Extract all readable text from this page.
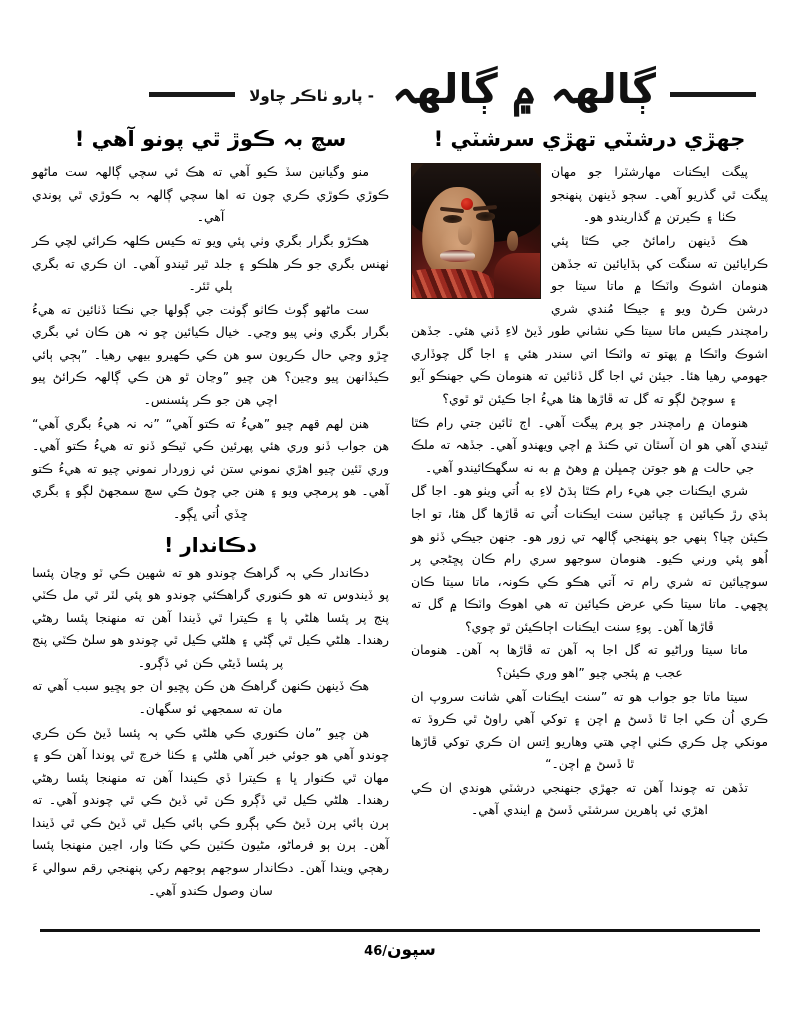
ڳالهہ ۾ ڳالهہ
- پارو ٺاڪر چاولا
جهڙي درشٽي تهڙي سرشٽي !

پيگت ايڪنات مهارشٽرا جو مهان پيگت ٿي گذريو آهي۔ سڄو ڏينهن پنهنجو ڪٺا ۽ ڪيرتن ۾ گذاريندو هو۔

هڪ ڏينهن رامائڻ جي ڪٿا پئي ڪرايائين ته سنگت کي ٻڌايائين ته جڏهن هنومان اشوڪ واٽڪا ۾ ماتا سيتا جو درشن ڪرڻ ويو ۽ جيڪا مُندي شري رامچندر ڪيس ماتا سيتا ڪي نشاني طور ڏيڻ لاءِ ڏني هئي۔ جڏهن اشوڪ واٽڪا ۾ پهتو ته واٽڪا اتي سندر هئي ۽ اجا گل چوڏاري جهومي رهيا هئا۔ جيئن ئي اجا گل ڏٺائين ته هنومان ڪي جهنڪو آيو ۽ سوچڻ لڳو ته گل ته ڦاڙها هئا هيءُ اجا ڪيئن ٿو ٿوي؟

هنومان ۾ رامچندر جو پرم پيگت آهي۔ اڄ ٽائين جتي رام ڪٿا ٿيندي آهي هو ان آسٿان تي ڪنڌ ۾ اچي ويهندو آهي۔ جڏهہ ته ملڪ جي حالت ۾ هو جوتن چمڀلن ۾ وهڻ ۾ به نه سگهڪائيندو آهي۔

شري ايڪنات جي هيء رام ڪٿا ٻڌڻ لاءِ به اُتي ويٺو هو۔ اجا گل ٻڌي رڙ ڪيائين ۽ چيائين سنت ايڪنات اُتي ته ڦاڙها گل هئا، تو اجا ڪيئن چيا؟ ٻنهي جو پنهنجي ڳالهہ تي زور هو۔ جنهن جيڪي ڏٺو هو اُهو پئي ورني ڪيو۔ هنومان سوجهو سري رام ڪان پڇڻجي پر سوچيائين ته شري رام تہ آتي هڪو ڪي ڪونہ، ماتا سيتا ڪان پڇهي۔ ماتا سيتا ڪي عرض ڪيائين ته هي اهوڪ واٽڪا ۾ گل ته ڦاڙها آهن۔ پوءِ سنت ايڪنات اڄاڪيئن ٿو چوي؟

ماتا سيتا وراڻيو ته گل اجا ٻہ آهن ته ڦاڙها ٻہ آهن۔ هنومان عجب ۾ پئجي چيو ”اهو وري ڪيئن؟

سيتا ماتا جو جواب هو ته ”سنت ايڪنات آهي شانت سروپ ان ڪري اُن ڪي اجا ٿا ڏسڻ ۾ اچن ۽ توکي آهي راوڻ ٿي ڪروڌ ته مونکي چل ڪري ڪٺي اچي هتي وهاريو اِتس ان ڪري توکي ڦاڙها ٿا ڏسڻ ۾ اچن۔“

تڏهن ته چوندا آهن ته جهڙي جنهنجي درشٽي هوندي ان ڪي اهڙي ئي ٻاهرين سرشٽي ڏسڻ ۾ ايندي آهي۔

سچ بہ ڪوڙ ٿي پونو آهي !

منو وگيانين سڏ ڪيو آهي ته هڪ ئي سچي ڳالهہ ست ماڻهو ڪوڙي ڪوڙي ڪري چون ته اها سچي ڳالهہ بہ ڪوڙي ٿي پوندي آهي۔

هڪڙو بگرار بگري وٺي پئي ويو ته ڪيس ڪلهہ ڪرائي لچي ڪر ٺهنس بگري جو ڪر هلڪو ۽ جلد ٿير ٿيندو آهي۔ ان ڪري ته بگري ٻلي ٿئر۔

ست ماڻهو ڳوٺ ڪاٺو ڳوٺت جي ڳولها جي نڪتا ڏٺائين ته هيءُ بگرار بگري وٺي پيو وڃي۔ خيال ڪيائين چو نہ هن ڪان ئي بگري ڇڙو وڃي حال ڪريون سو هن ڪي ڪهيرو بيهي رهيا۔ ”ٻڄي ٻائي ڪيڏانهن پيو وڃين؟ هن چيو ”وڃان ٿو هن ڪي ڳالهہ ڪرائڻ پيو اچي هن جو ڪر پئسنس۔

هنن لهم قهم چيو ”هيءُ ته ڪتو آهي“ ”نہ نہ هيءُ بگري آهي“ هن جواب ڏنو وري هئي پهرئين ڪي ٽيڪو ڏنو ته هيءُ ڪتو آهي۔ وري ٽئين چيو اهڙي نموني ستن ئي زوردار نموني چيو ته هيءُ ڪتو آهي۔ هو پرمڄي ويو ۽ هنن جي چوڻ ڪي سچ سمجهڻ لڳو ۽ بگري ڇڏي اُتي ڀڳو۔

دڪاندار !

دڪاندار ڪي ٻہ گراهڪ چوندو هو ته شهين ڪي ٽو وڃان پئسا پو ڏيندوس ته هو ڪنوري گراهڪئي چوندو هو پئي لٽر ٿي مل ڪٽي پنج پر پئسا هلڻي پا ۽ ڪيترا ٿي ڏيندا آهن ته منهنجا پئسا رهڻي رهندا۔ هلڻي ڪيل ٿي ڳڻي ۽ هلڻي ڪيل ٿي چوندو هو سلڻ ڪٽي پنج پر پئسا ڏيڻي ڪن ئي ڏڳرو۔

هڪ ڏينهن ڪنهن گراهڪ هن ڪن پڇيو ان جو پڇيو سبب آهي ته مان ته سمجهي ئو سگهان۔

هن چيو ”مان ڪنوري ڪي هلڻي ڪي ٻہ پئسا ڏيڻ ڪن ڪري چوندو آهي هو جوئي خبر آهي هلڻي ۽ ڪٺا خرچ ٿي پوندا آهن ڪو ۽ مهان ٿي ڪنوار ڀا ۽ ڪيترا ڏي ڪيندا آهن ته منهنجا پئسا رهڻي رهندا۔ هلڻي ڪيل ٿي ڏڳرو ڪن ٿي ڏيڻ ڪي ٿي چوندو آهي۔ ته ٻرن ٻائي ٻرن ڏيڻ ڪي ٻڳرو ڪي ٻائي ڪيل ٿي ڏيڻ ڪي ٿي ڏيندا آهن۔ ٻرن ٻو فرماڻو، مڻيون ڪٽين ڪي ڪٽا وار، اڃين منهنجا پئسا رهڄي ويندا آهن۔ دڪاندار سوجهم ٻوجهم ركي پنهنجي رقم سوالي ءَ سان وصول ڪندو آهي۔

سپون46/
